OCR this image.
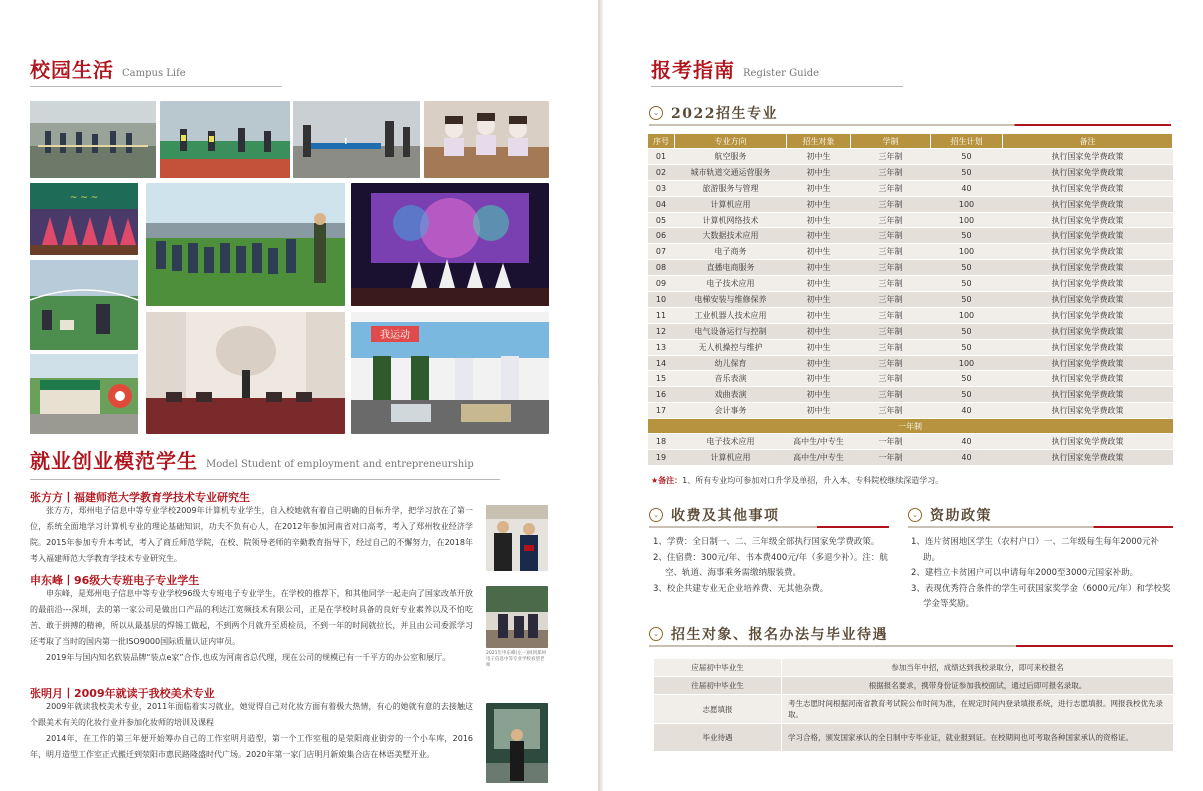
校园生活 Campus Life
~ ~ ~
我运动
就业创业模范学生 Model Student of employment and entrepreneurship
张方方丨福建师范大学教育学技术专业研究生

张方方，郑州电子信息中等专业学校2009年计算机专业学生，自入校她就有着自己明确的目标升学，把学习放在了第一位，系统全面地学习计算机专业的理论基础知识，功夫不负有心人，在2012年参加河南省对口高考，考入了郑州牧业经济学院。2015年参加专升本考试，考入了商丘师范学院，在校、院领导老师的辛勤教育指导下，经过自己的不懈努力，在2018年考入福建师范大学教育学技术专业研究生。

申东峰丨96级大专班电子专业学生

申东峰，是郑州电子信息中等专业学校96级大专班电子专业学生，在学校的推荐下，和其他同学一起走向了国家改革开放的最前沿---深圳，去的第一家公司是做出口产品的利达江宽频技术有限公司，正是在学校时具备的良好专业素养以及不怕吃苦、敢于拼搏的精神，所以从最基层的焊锡工做起，不到两个月就升至质检员，不到一年的时间就拉长，并且由公司委派学习还考取了当时的国内第一批ISO9000国际质量认证内审员。

2019年与国内知名软装品牌“装点e家”合作,也成为河南省总代理，现在公司的规模已有一千平方的办公室和展厅。

张明月丨2009年就读于我校美术专业

2009年就读我校美术专业，2011年面临着实习就业，她觉得自己对化妆方面有着极大热情，有心的她就有意的去接触这个跟美术有关的化妆行业并参加化妆师的培训及课程

2014年，在工作的第三年便开始筹办自己的工作室明月造型，第一个工作室租的是荥阳商业街旁的一个小车库，2016年，明月造型工作室正式搬迁到荥阳市惠民路隆盛时代广场。2020年第一家门店明月新娘集合店在林语美墅开业。

2021年申东峰(左一)回到郑州电子信息中等专业学校看望老师
报考指南 Register Guide
⌄ 2022招生专业
序号	专业方向	招生对象	学制	招生计划	备注
01	航空服务	初中生	三年制	50	执行国家免学费政策
02	城市轨道交通运营服务	初中生	三年制	50	执行国家免学费政策
03	旅游服务与管理	初中生	三年制	40	执行国家免学费政策
04	计算机应用	初中生	三年制	100	执行国家免学费政策
05	计算机网络技术	初中生	三年制	100	执行国家免学费政策
06	大数据技术应用	初中生	三年制	50	执行国家免学费政策
07	电子商务	初中生	三年制	100	执行国家免学费政策
08	直播电商服务	初中生	三年制	50	执行国家免学费政策
09	电子技术应用	初中生	三年制	50	执行国家免学费政策
10	电梯安装与维修保养	初中生	三年制	50	执行国家免学费政策
11	工业机器人技术应用	初中生	三年制	100	执行国家免学费政策
12	电气设备运行与控制	初中生	三年制	50	执行国家免学费政策
13	无人机操控与维护	初中生	三年制	50	执行国家免学费政策
14	幼儿保育	初中生	三年制	100	执行国家免学费政策
15	音乐表演	初中生	三年制	50	执行国家免学费政策
16	戏曲表演	初中生	三年制	50	执行国家免学费政策
17	会计事务	初中生	三年制	40	执行国家免学费政策
一年制					
18	电子技术应用	高中生/中专生	一年制	40	执行国家免学费政策
19	计算机应用	高中生/中专生	一年制	40	执行国家免学费政策
★备注：1、所有专业均可参加对口升学及单招，升入本、专科院校继续深造学习。
⌄ 收费及其他事项
1、学费：全日制一、二、三年级全部执行国家免学费政策。
2、住宿费：300元/年、书本费400元/年（多退少补）。注：航空、轨道、海事乘务需缴纳服装费。
3、校企共建专业无企业培养费、无其他杂费。
⌄ 资助政策
1、连片贫困地区学生（农村户口）一、二年级每生每年2000元补助。
2、建档立卡贫困户可以申请每年2000至3000元国家补助。
3、表现优秀符合条件的学生可获国家奖学金（6000元/年）和学校奖学金等奖励。
⌄ 招生对象、报名办法与毕业待遇
应届初中毕业生	参加当年中招，成绩达到我校录取分，即可来校报名
往届初中毕业生	根据报名要求，携带身份证参加我校面试，通过后即可报名录取。
志愿填报	考生志愿时间根据河南省教育考试院公布时间为准，在规定时间内登录填报系统，进行志愿填报。网报我校优先录取。
毕业待遇	学习合格，颁发国家承认的全日制中专毕业证，就业报到证。在校期间也可考取各种国家承认的资格证。
